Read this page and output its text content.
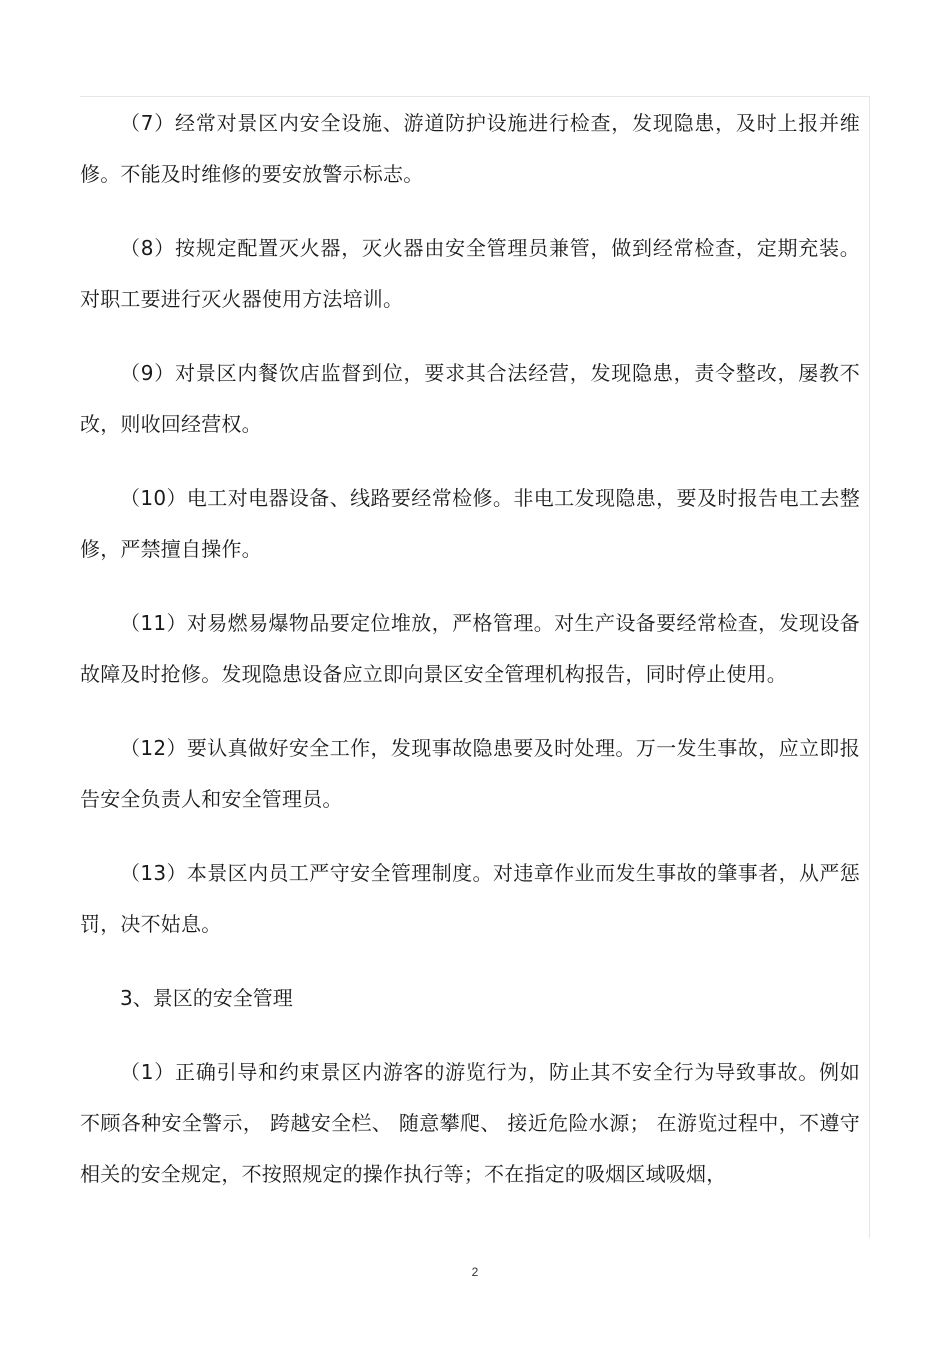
（7）经常对景区内安全设施、游道防护设施进行检查，发现隐患，及时上报并维修。不能及时维修的要安放警示标志。

（8）按规定配置灭火器，灭火器由安全管理员兼管，做到经常检查，定期充装。对职工要进行灭火器使用方法培训。

（9）对景区内餐饮店监督到位，要求其合法经营，发现隐患，责令整改，屡教不改，则收回经营权。

（10）电工对电器设备、线路要经常检修。非电工发现隐患，要及时报告电工去整修，严禁擅自操作。

（11）对易燃易爆物品要定位堆放，严格管理。对生产设备要经常检查，发现设备故障及时抢修。发现隐患设备应立即向景区安全管理机构报告，同时停止使用。

（12）要认真做好安全工作，发现事故隐患要及时处理。万一发生事故，应立即报告安全负责人和安全管理员。

（13）本景区内员工严守安全管理制度。对违章作业而发生事故的肇事者，从严惩罚，决不姑息。

3、景区的安全管理

（1）正确引导和约束景区内游客的游览行为，防止其不安全行为导致事故。例如不顾各种安全警示， 跨越安全栏、 随意攀爬、 接近危险水源； 在游览过程中，不遵守相关的安全规定，不按照规定的操作执行等；不在指定的吸烟区域吸烟，

2
